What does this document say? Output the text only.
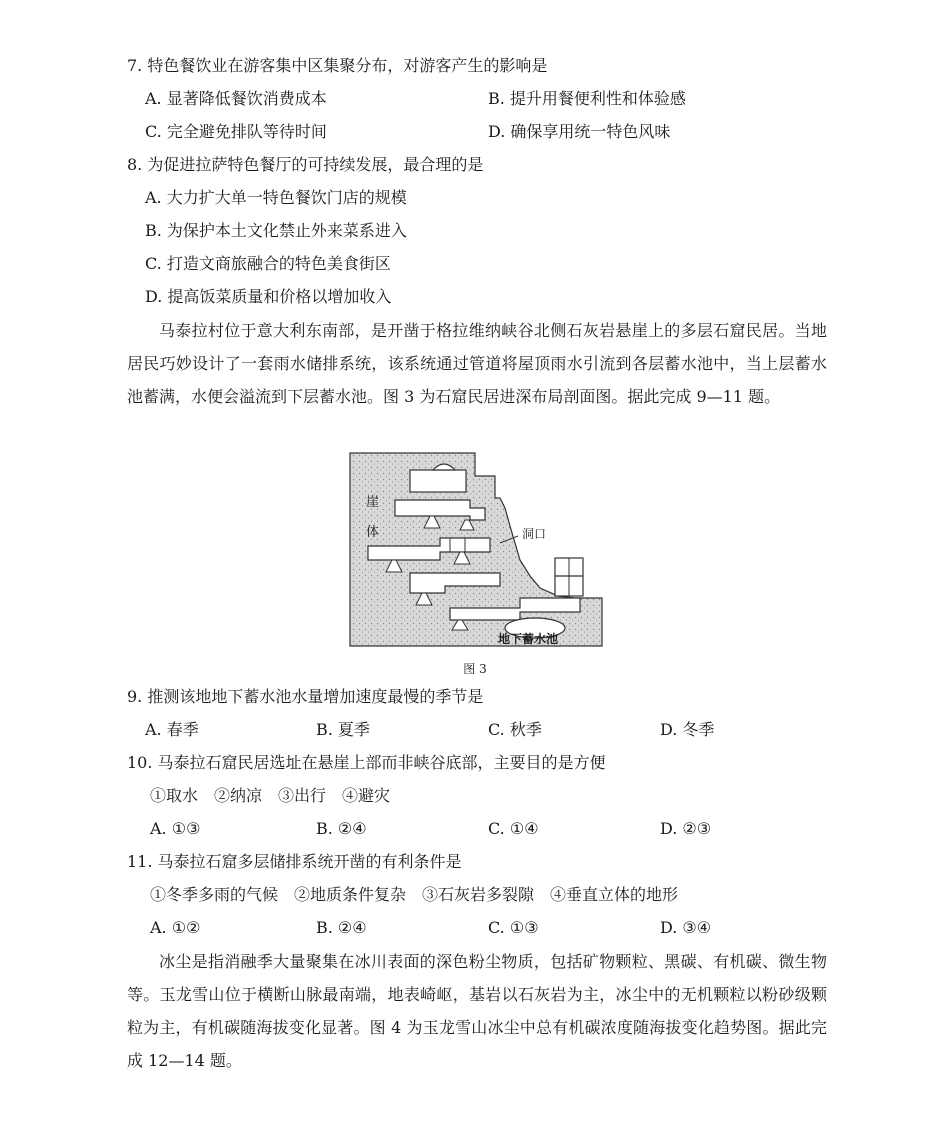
7. 特色餐饮业在游客集中区集聚分布，对游客产生的影响是
A. 显著降低餐饮消费成本	B. 提升用餐便利性和体验感
C. 完全避免排队等待时间	D. 确保享用统一特色风味
8. 为促进拉萨特色餐厅的可持续发展，最合理的是
A. 大力扩大单一特色餐饮门店的规模
B. 为保护本土文化禁止外来菜系进入
C. 打造文商旅融合的特色美食街区
D. 提高饭菜质量和价格以增加收入

马泰拉村位于意大利东南部，是开凿于格拉维纳峡谷北侧石灰岩悬崖上的多层石窟民居。当地居民巧妙设计了一套雨水储排系统，该系统通过管道将屋顶雨水引流到各层蓄水池中，当上层蓄水池蓄满，水便会溢流到下层蓄水池。图 3 为石窟民居进深布局剖面图。据此完成 9—11 题。

崖
体	洞口
地下蓄水池
图 3
9. 推测该地地下蓄水池水量增加速度最慢的季节是
A. 春季	B. 夏季	C. 秋季	D. 冬季
10. 马泰拉石窟民居选址在悬崖上部而非峡谷底部，主要目的是方便
①取水　②纳凉　③出行　④避灾
A. ①③	B. ②④	C. ①④	D. ②③
11. 马泰拉石窟多层储排系统开凿的有利条件是
①冬季多雨的气候　②地质条件复杂　③石灰岩多裂隙　④垂直立体的地形
A. ①②	B. ②④	C. ①③	D. ③④

冰尘是指消融季大量聚集在冰川表面的深色粉尘物质，包括矿物颗粒、黑碳、有机碳、微生物等。玉龙雪山位于横断山脉最南端，地表崎岖，基岩以石灰岩为主，冰尘中的无机颗粒以粉砂级颗粒为主，有机碳随海拔变化显著。图 4 为玉龙雪山冰尘中总有机碳浓度随海拔变化趋势图。据此完成 12—14 题。
